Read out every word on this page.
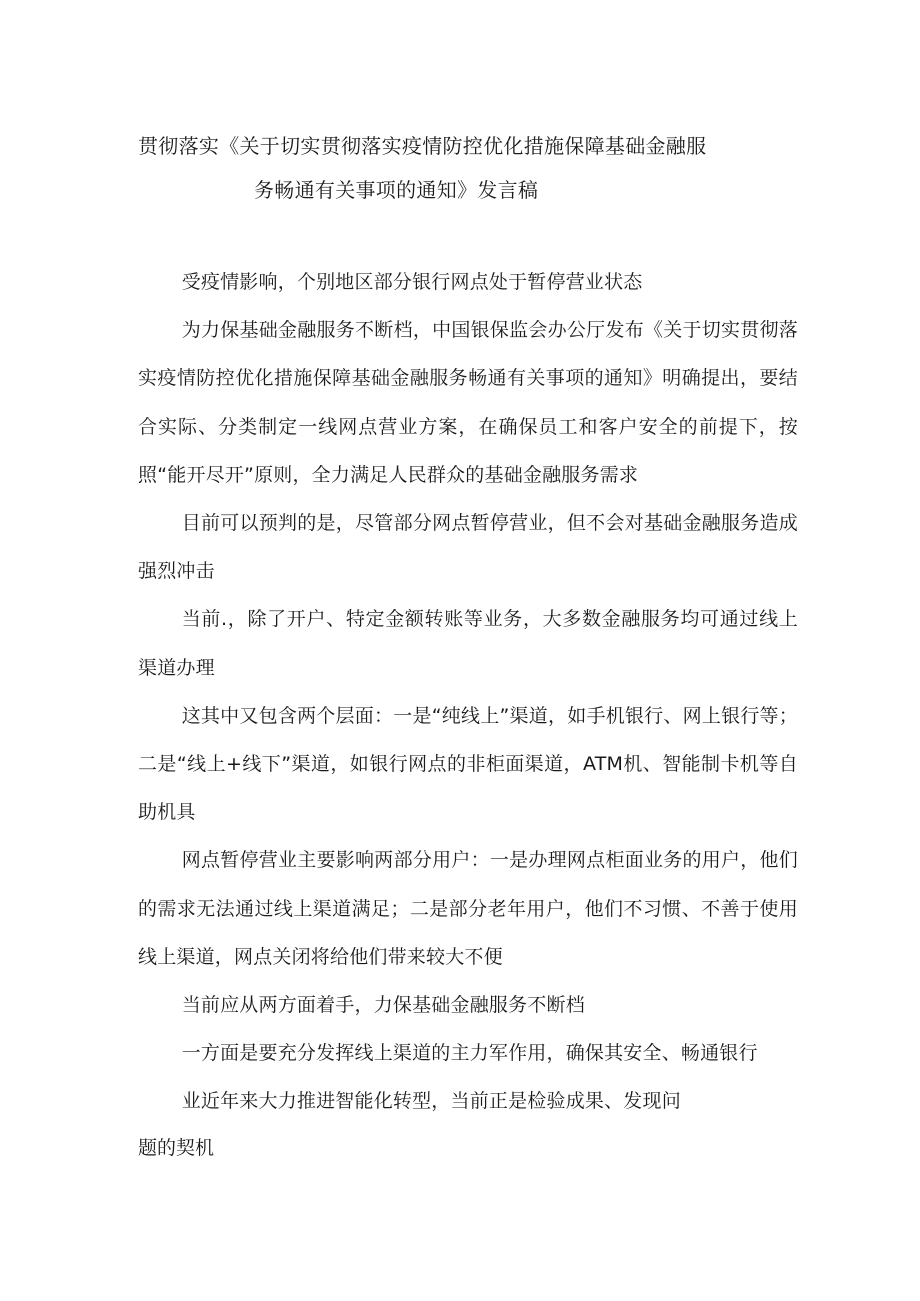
贯彻落实《关于切实贯彻落实疫情防控优化措施保障基础金融服
务畅通有关事项的通知》发言稿

受疫情影响，个别地区部分银行网点处于暂停营业状态

为力保基础金融服务不断档，中国银保监会办公厅发布《关于切实贯彻落实疫情防控优化措施保障基础金融服务畅通有关事项的通知》明确提出，要结合实际、分类制定一线网点营业方案，在确保员工和客户安全的前提下，按照“能开尽开”原则，全力满足人民群众的基础金融服务需求

目前可以预判的是，尽管部分网点暂停营业，但不会对基础金融服务造成强烈冲击

当前.，除了开户、特定金额转账等业务，大多数金融服务均可通过线上渠道办理

这其中又包含两个层面：一是“纯线上”渠道，如手机银行、网上银行等；二是“线上+线下”渠道，如银行网点的非柜面渠道，ATM机、智能制卡机等自助机具

网点暂停营业主要影响两部分用户：一是办理网点柜面业务的用户，他们的需求无法通过线上渠道满足；二是部分老年用户，他们不习惯、不善于使用线上渠道，网点关闭将给他们带来较大不便

当前应从两方面着手，力保基础金融服务不断档

一方面是要充分发挥线上渠道的主力军作用，确保其安全、畅通银行

业近年来大力推进智能化转型，当前正是检验成果、发现问

题的契机
